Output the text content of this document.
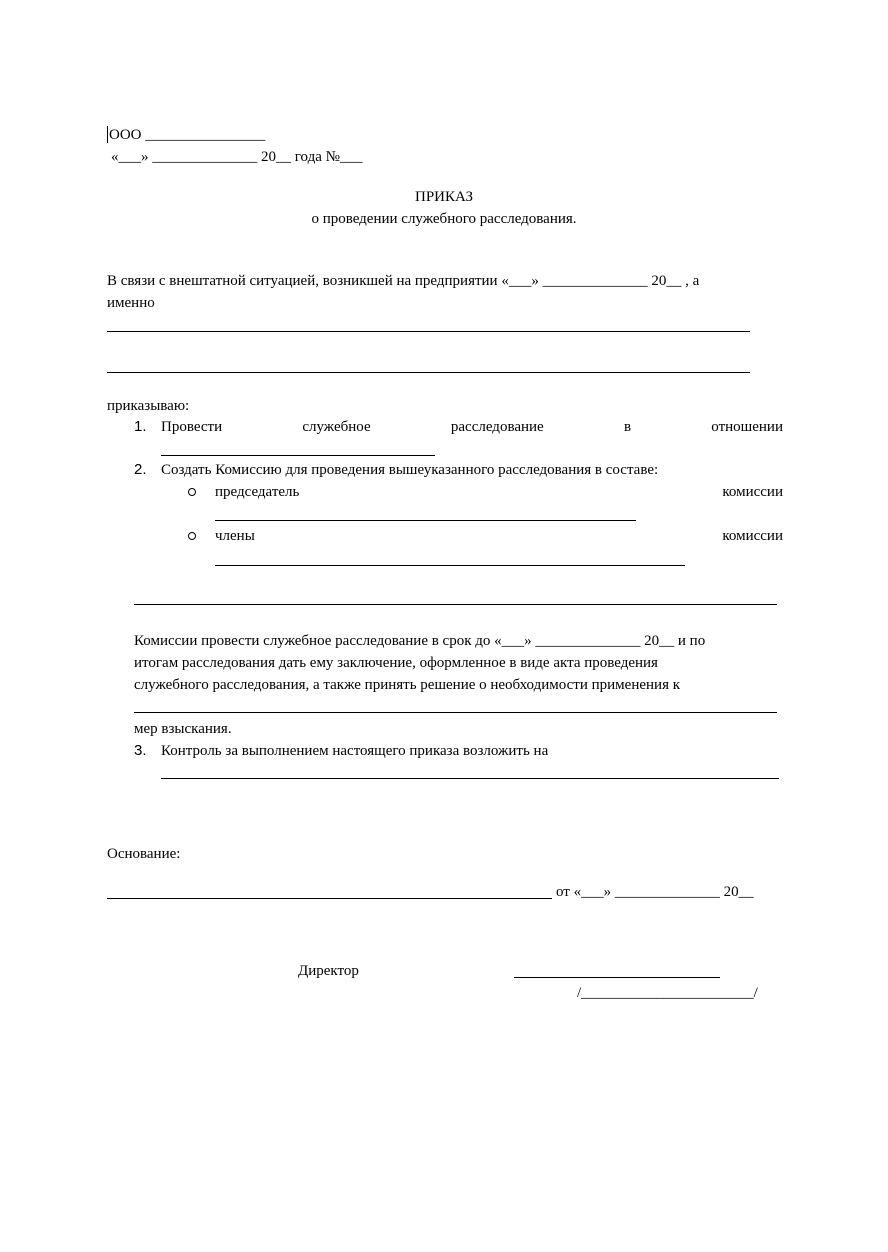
ООО ________________
«___» ______________ 20__ года №___
ПРИКАЗ
о проведении служебного расследования.
В связи с внештатной ситуацией, возникшей на предприятии «___» ______________ 20__ , а
именно
приказываю:
1. Провести	служебное	расследование	в	отношении
2. Создать Комиссию для проведения вышеуказанного расследования в составе:
председатель	комиссии
члены	комиссии
Комиссии провести служебное расследование в срок до «___» ______________ 20__ и по
итогам расследования дать ему заключение, оформленное в виде акта проведения
служебного расследования, а также принять решение о необходимости применения к
мер взыскания.
3. Контроль за выполнением настоящего приказа возложить на
Основание:
от «___» ______________ 20__
Директор
/_______________________/
